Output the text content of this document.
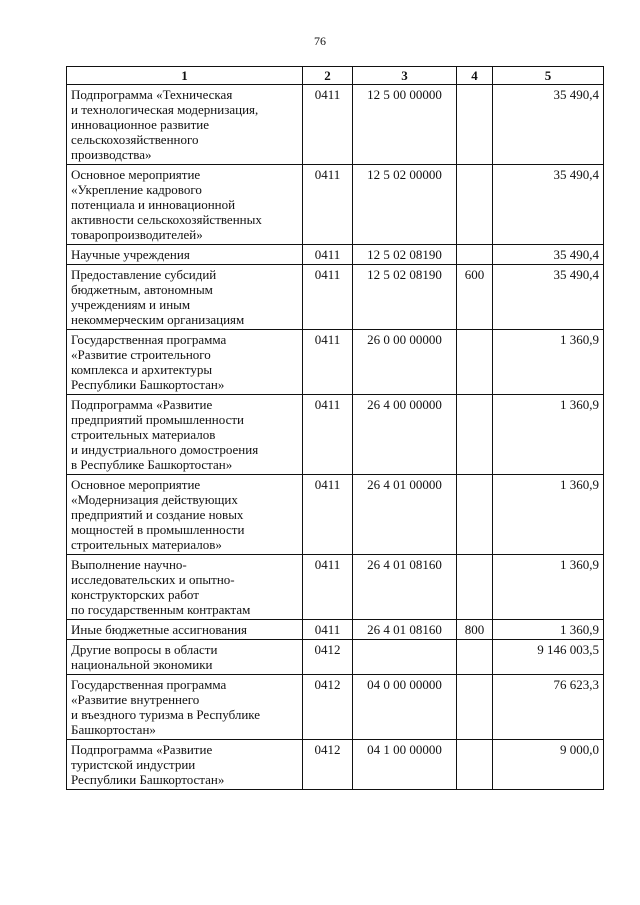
76
1	2	3	4	5

Подпрограмма «Техническая
и технологическая модернизация,
инновационное развитие
сельскохозяйственного
производства»	0411	12 5 00 00000		35 490,4

Основное мероприятие
«Укрепление кадрового
потенциала и инновационной
активности сельскохозяйственных
товаропроизводителей»	0411	12 5 02 00000		35 490,4

Научные учреждения	0411	12 5 02 08190		35 490,4

Предоставление субсидий
бюджетным, автономным
учреждениям и иным
некоммерческим организациям	0411	12 5 02 08190	600	35 490,4

Государственная программа
«Развитие строительного
комплекса и архитектуры
Республики Башкортостан»	0411	26 0 00 00000		1 360,9

Подпрограмма «Развитие
предприятий промышленности
строительных материалов
и индустриального домостроения
в Республике Башкортостан»	0411	26 4 00 00000		1 360,9

Основное мероприятие
«Модернизация действующих
предприятий и создание новых
мощностей в промышленности
строительных материалов»	0411	26 4 01 00000		1 360,9

Выполнение научно-
исследовательских и опытно-
конструкторских работ
по государственным контрактам	0411	26 4 01 08160		1 360,9

Иные бюджетные ассигнования	0411	26 4 01 08160	800	1 360,9

Другие вопросы в области
национальной экономики	0412			9 146 003,5

Государственная программа
«Развитие внутреннего
и въездного туризма в Республике
Башкортостан»	0412	04 0 00 00000		76 623,3

Подпрограмма «Развитие
туристской индустрии
Республики Башкортостан»	0412	04 1 00 00000		9 000,0
